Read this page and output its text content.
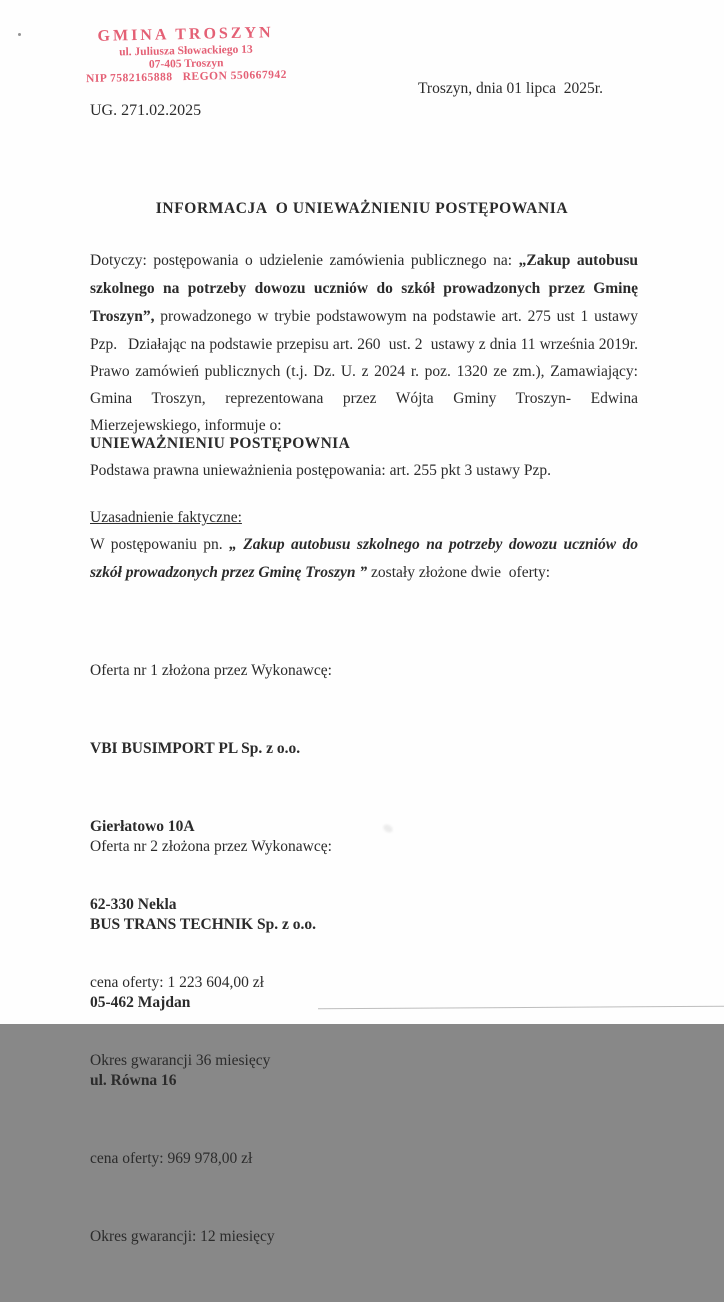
GMINA TROSZYN
ul. Juliusza Słowackiego 13
07-405 Troszyn
NIP 7582165888   REGON 550667942
Troszyn, dnia 01 lipca  2025r.
UG. 271.02.2025
INFORMACJA  O UNIEWAŻNIENIU POSTĘPOWANIA
Dotyczy: postępowania o udzielenie zamówienia publicznego na: „Zakup autobusu szkolnego na potrzeby dowozu uczniów do szkół prowadzonych przez Gminę Troszyn”, prowadzonego w trybie podstawowym na podstawie art. 275 ust 1 ustawy Pzp. Działając na podstawie przepisu art. 260  ust. 2  ustawy z dnia 11 września 2019r. Prawo zamówień publicznych (t.j. Dz. U. z 2024 r. poz. 1320 ze zm.), Zamawiający:  Gmina Troszyn, reprezentowana przez Wójta Gminy Troszyn- Edwina Mierzejewskiego, informuje o:
UNIEWAŻNIENIU POSTĘPOWNIA
Podstawa prawna unieważnienia postępowania: art. 255 pkt 3 ustawy Pzp.
Uzasadnienie faktyczne:
W postępowaniu pn. „ Zakup autobusu szkolnego na potrzeby dowozu uczniów do szkół prowadzonych przez Gminę Troszyn ” zostały złożone dwie  oferty:

Oferta nr 1 złożona przez Wykonawcę:

VBI BUSIMPORT PL Sp. z o.o.

Gierłatowo 10A

62-330 Nekla

cena oferty: 1 223 604,00 zł

Okres gwarancji 36 miesięcy

Oferta nr 2 złożona przez Wykonawcę:

BUS TRANS TECHNIK Sp. z o.o.

05-462 Majdan

ul. Równa 16

cena oferty: 969 978,00 zł

Okres gwarancji: 12 miesięcy
